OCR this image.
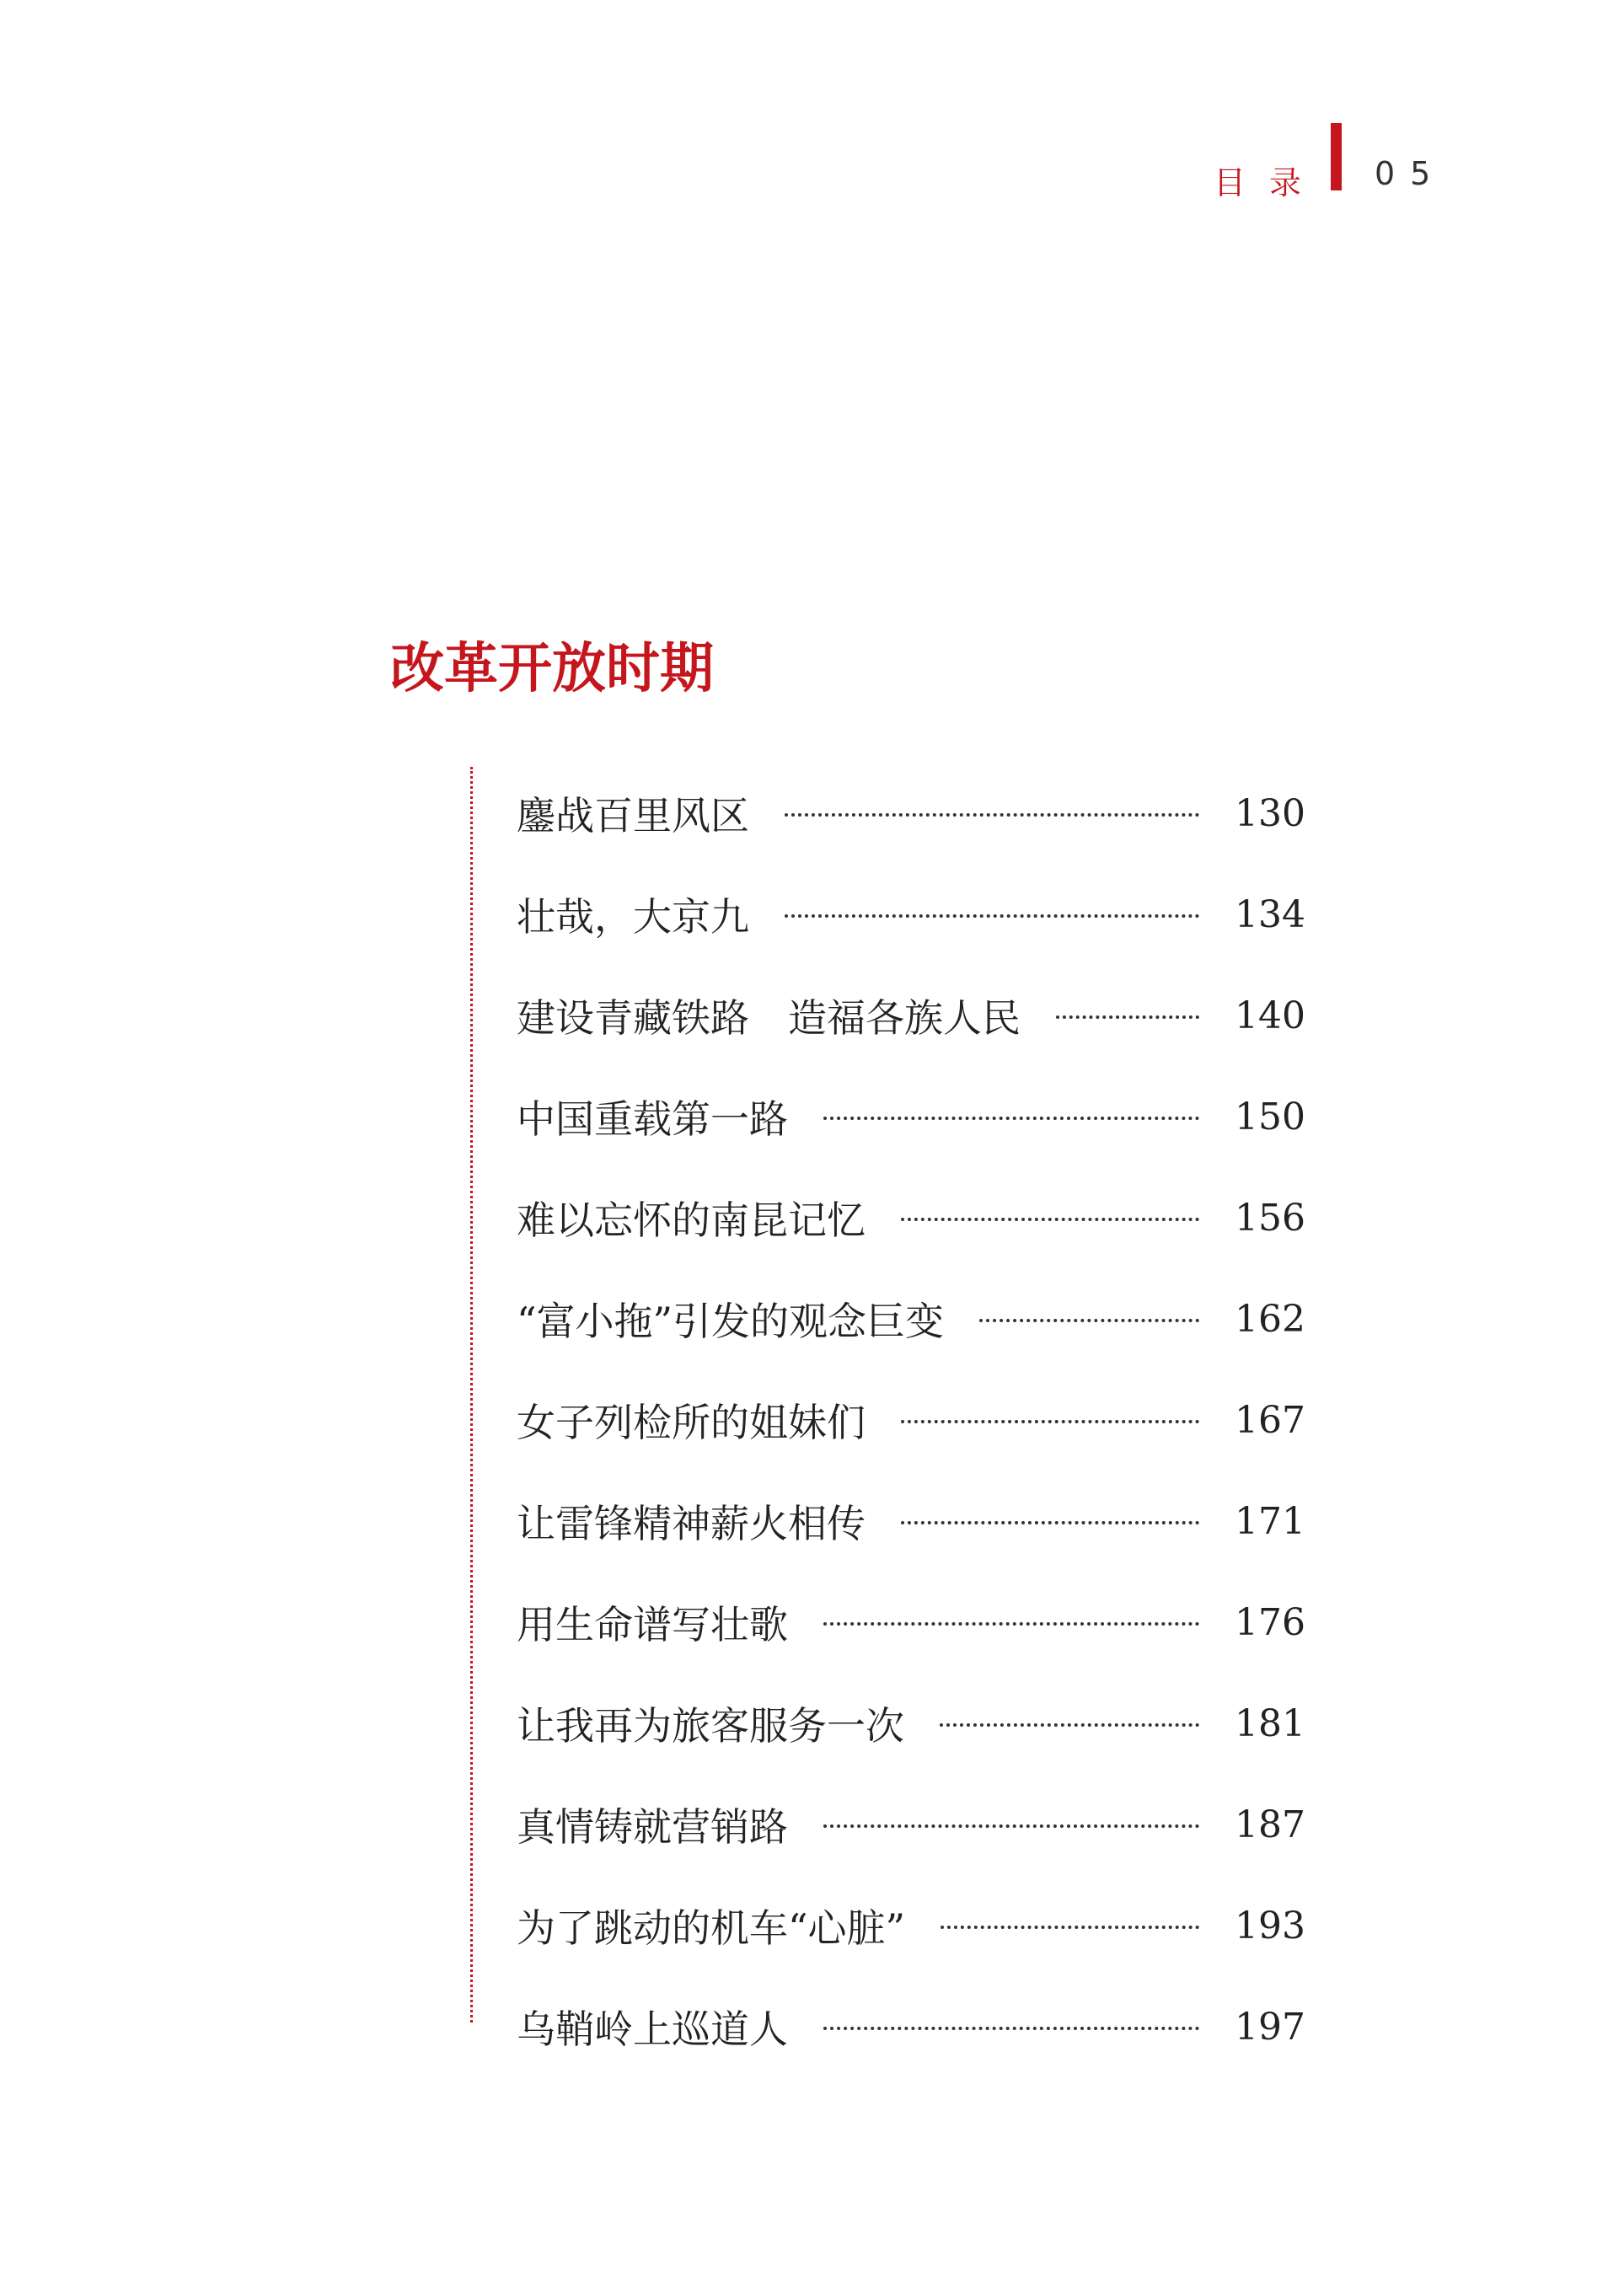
目录 05
改革开放时期
鏖战百里风区	130
壮哉，大京九	134
建设青藏铁路　造福各族人民	140
中国重载第一路	150
难以忘怀的南昆记忆	156
“富小拖”引发的观念巨变	162
女子列检所的姐妹们	167
让雷锋精神薪火相传	171
用生命谱写壮歌	176
让我再为旅客服务一次	181
真情铸就营销路	187
为了跳动的机车“心脏”	193
乌鞘岭上巡道人	197
